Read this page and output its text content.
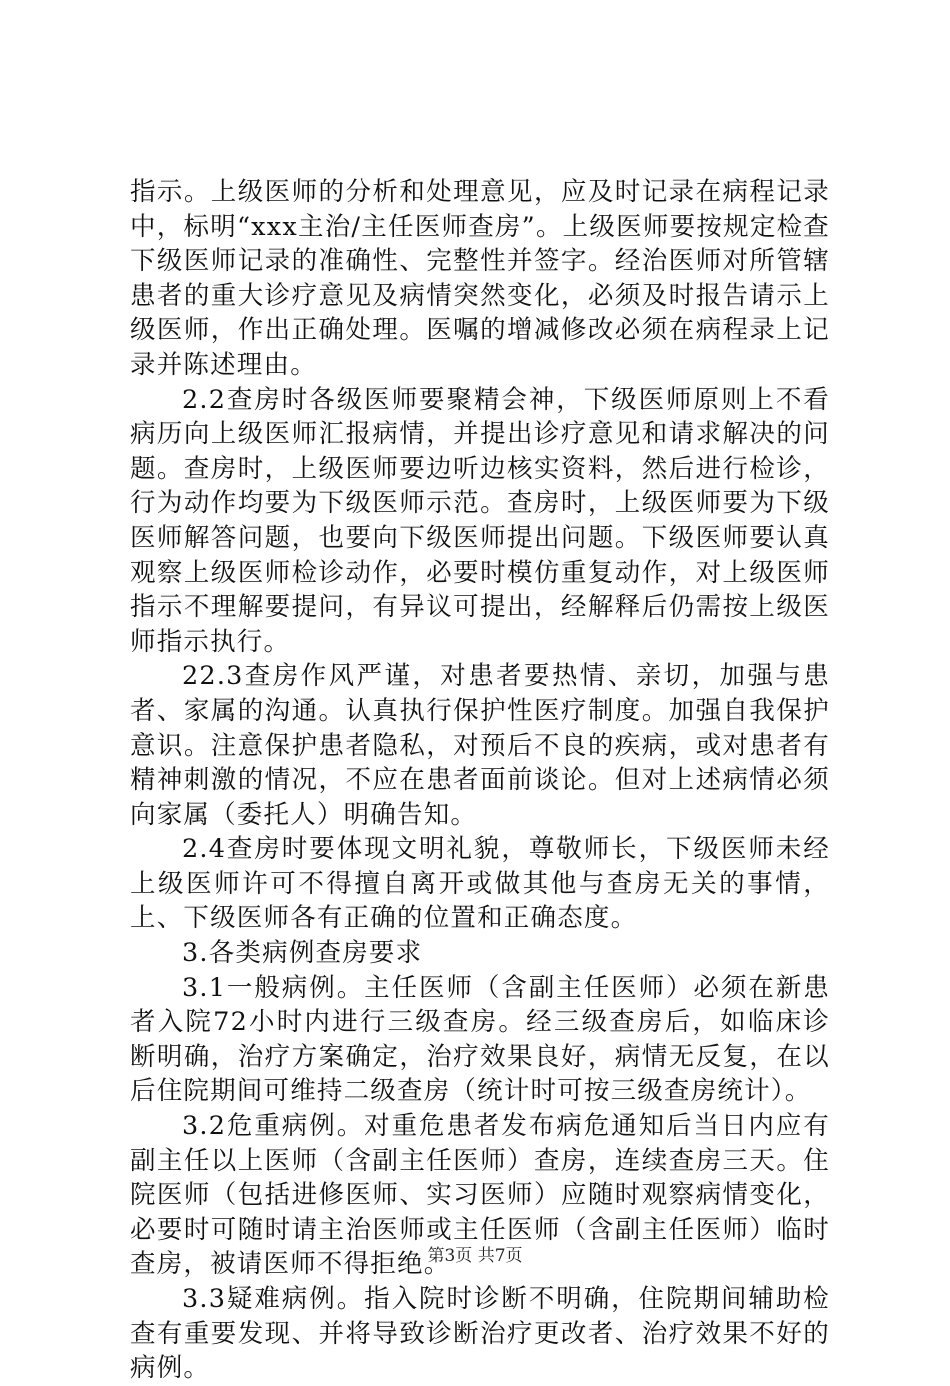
指示。上级医师的分析和处理意见，应及时记录在病程记录中，标明“xxx主治/主任医师查房”。上级医师要按规定检查下级医师记录的准确性、完整性并签字。经治医师对所管辖患者的重大诊疗意见及病情突然变化，必须及时报告请示上级医师，作出正确处理。医嘱的增减修改必须在病程录上记录并陈述理由。

2.2查房时各级医师要聚精会神，下级医师原则上不看病历向上级医师汇报病情，并提出诊疗意见和请求解决的问题。查房时，上级医师要边听边核实资料，然后进行检诊，行为动作均要为下级医师示范。查房时，上级医师要为下级医师解答问题，也要向下级医师提出问题。下级医师要认真观察上级医师检诊动作，必要时模仿重复动作，对上级医师指示不理解要提问，有异议可提出，经解释后仍需按上级医师指示执行。

22.3查房作风严谨，对患者要热情、亲切，加强与患者、家属的沟通。认真执行保护性医疗制度。加强自我保护意识。注意保护患者隐私，对预后不良的疾病，或对患者有精神刺激的情况，不应在患者面前谈论。但对上述病情必须向家属（委托人）明确告知。

2.4查房时要体现文明礼貌，尊敬师长，下级医师未经上级医师许可不得擅自离开或做其他与查房无关的事情，上、下级医师各有正确的位置和正确态度。

3.各类病例查房要求

3.1一般病例。主任医师（含副主任医师）必须在新患者入院72小时内进行三级查房。经三级查房后，如临床诊断明确，治疗方案确定，治疗效果良好，病情无反复，在以后住院期间可维持二级查房（统计时可按三级查房统计）。

3.2危重病例。对重危患者发布病危通知后当日内应有副主任以上医师（含副主任医师）查房，连续查房三天。住院医师（包括进修医师、实习医师）应随时观察病情变化，必要时可随时请主治医师或主任医师（含副主任医师）临时查房，被请医师不得拒绝。

3.3疑难病例。指入院时诊断不明确，住院期间辅助检查有重要发现、并将导致诊断治疗更改者、治疗效果不好的病例。

第3页 共7页
